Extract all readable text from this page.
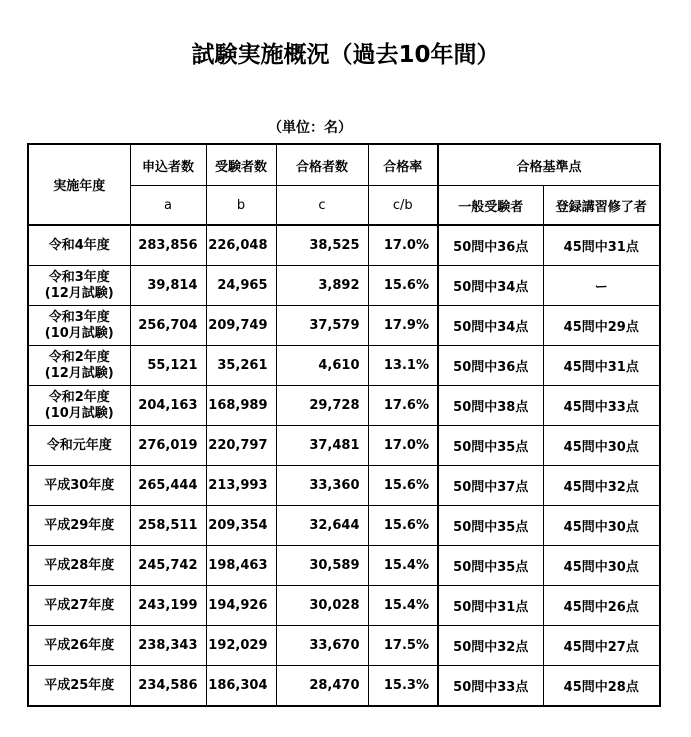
試験実施概況（過去10年間）
（単位：名）
実施年度	申込者数	受験者数	合格者数	合格率	合格基準点	
	a	b	c	c/b	一般受験者	登録講習修了者

令和4年度	283,856	226,048	38,525	17.0%	50問中36点	45問中31点

令和3年度
(12月試験)	39,814	24,965	3,892	15.6%	50問中34点	ー

令和3年度
(10月試験)	256,704	209,749	37,579	17.9%	50問中34点	45問中29点

令和2年度
(12月試験)	55,121	35,261	4,610	13.1%	50問中36点	45問中31点

令和2年度
(10月試験)	204,163	168,989	29,728	17.6%	50問中38点	45問中33点

令和元年度	276,019	220,797	37,481	17.0%	50問中35点	45問中30点

平成30年度	265,444	213,993	33,360	15.6%	50問中37点	45問中32点

平成29年度	258,511	209,354	32,644	15.6%	50問中35点	45問中30点

平成28年度	245,742	198,463	30,589	15.4%	50問中35点	45問中30点

平成27年度	243,199	194,926	30,028	15.4%	50問中31点	45問中26点

平成26年度	238,343	192,029	33,670	17.5%	50問中32点	45問中27点

平成25年度	234,586	186,304	28,470	15.3%	50問中33点	45問中28点
